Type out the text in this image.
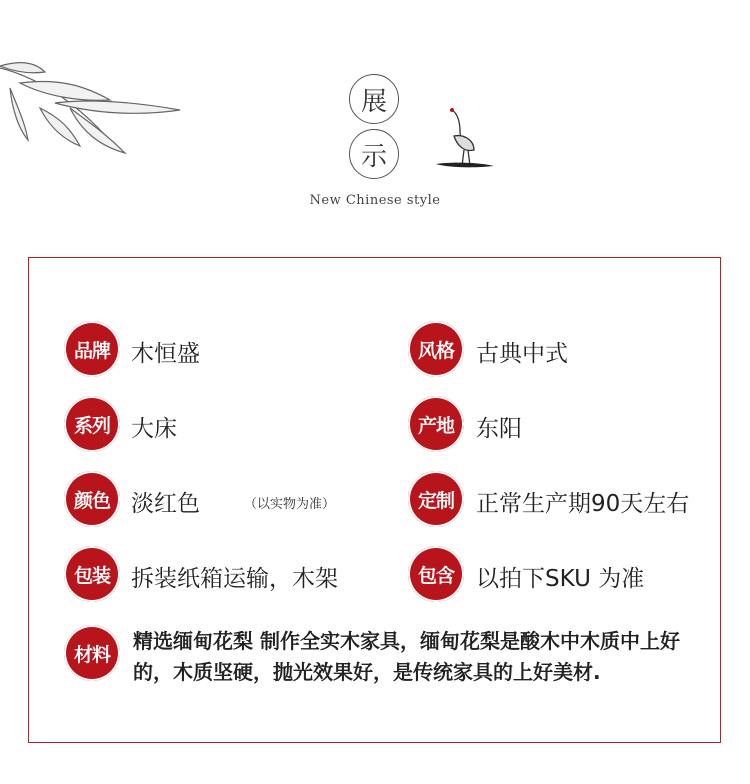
展
示
New Chinese style
品牌 木恒盛
系列 大床
颜色 淡红色	（以实物为准）
包装 拆装纸箱运输，木架
风格 古典中式
产地 东阳
定制 正常生产期90天左右
包含 以拍下SKU 为准
材料
精选缅甸花梨 制作全实木家具，缅甸花梨是酸木中木质中上好的，木质坚硬，抛光效果好，是传统家具的上好美材.
